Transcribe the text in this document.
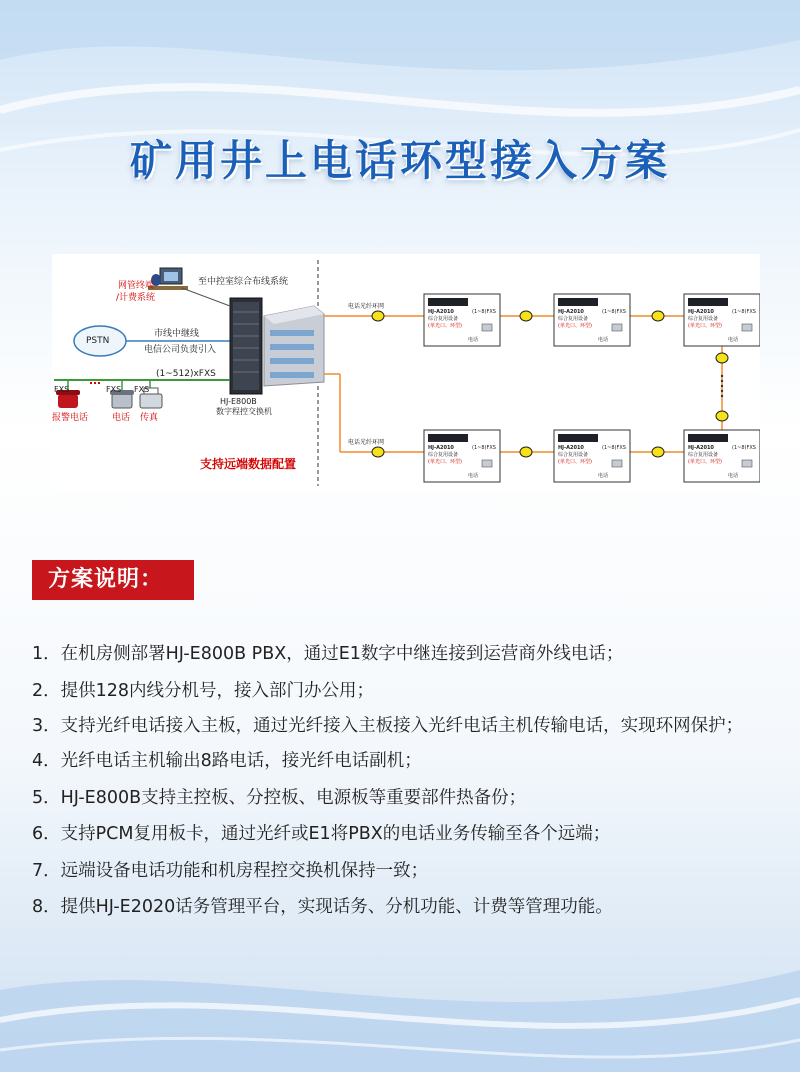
矿用井上电话环型接入方案
网管终端
/计费系统
至中控室综合布线系统
PSTN
市线中继线
电信公司负责引入
(1~512)xFXS
FXS	FXS FXS
HJ-E800B
数字程控交换机
报警电话	电话 传真
支持远端数据配置
电话光纤环网
电话光纤环网
HJ-A2010
综合复用设备
(单光口、环型)
(1~8)FXS
电话
HJ-A2010
综合复用设备
(单光口、环型)
(1~8)FXS
电话
HJ-A2010
综合复用设备
(单光口、环型)
(1~8)FXS
电话
HJ-A2010
综合复用设备
(单光口、环型)
(1~8)FXS
电话
HJ-A2010
综合复用设备
(单光口、环型)
(1~8)FXS
电话
HJ-A2010
综合复用设备
(单光口、环型)
(1~8)FXS
电话
方案说明：

1．在机房侧部署HJ-E800B PBX，通过E1数字中继连接到运营商外线电话；

2．提供128内线分机号，接入部门办公用；

3．支持光纤电话接入主板，通过光纤接入主板接入光纤电话主机传输电话，实现环网保护；

4．光纤电话主机输出8路电话，接光纤电话副机；

5．HJ-E800B支持主控板、分控板、电源板等重要部件热备份；

6．支持PCM复用板卡，通过光纤或E1将PBX的电话业务传输至各个远端；

7．远端设备电话功能和机房程控交换机保持一致；

8．提供HJ-E2020话务管理平台，实现话务、分机功能、计费等管理功能。
